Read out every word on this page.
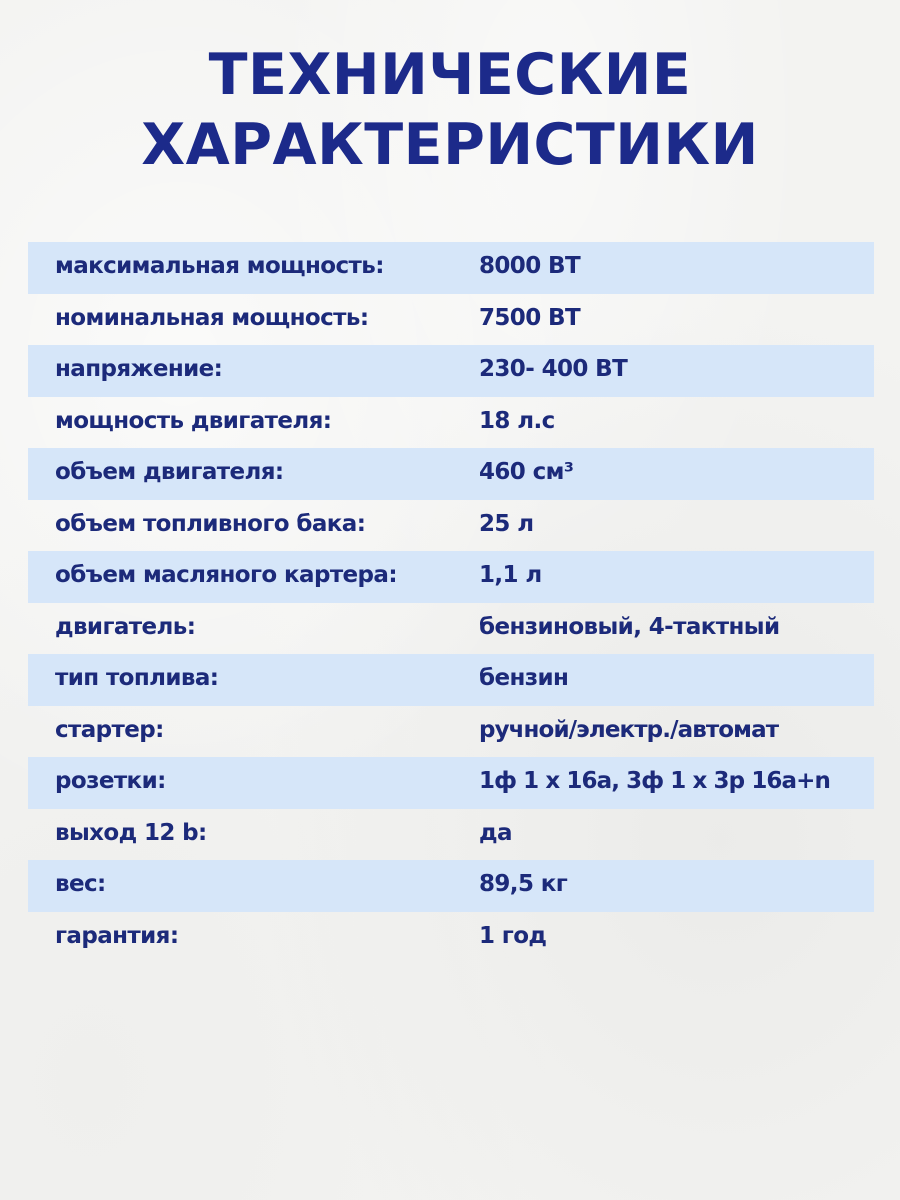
ТЕХНИЧЕСКИЕ
ХАРАКТЕРИСТИКИ
максимальная мощность:	8000 ВТ
номинальная мощность:	7500 ВТ
напряжение:	230- 400 ВТ
мощность двигателя:	18 л.с
объем двигателя:	460 см³
объем топливного бака:	25 л
объем масляного картера:	1,1 л
двигатель:	бензиновый, 4-тактный
тип топлива:	бензин
стартер:	ручной/электр./автомат
розетки:	1ф 1 х 16а, 3ф 1 х 3р 16а+n
выход 12 b:	да
вес:	89,5 кг
гарантия:	1 год
